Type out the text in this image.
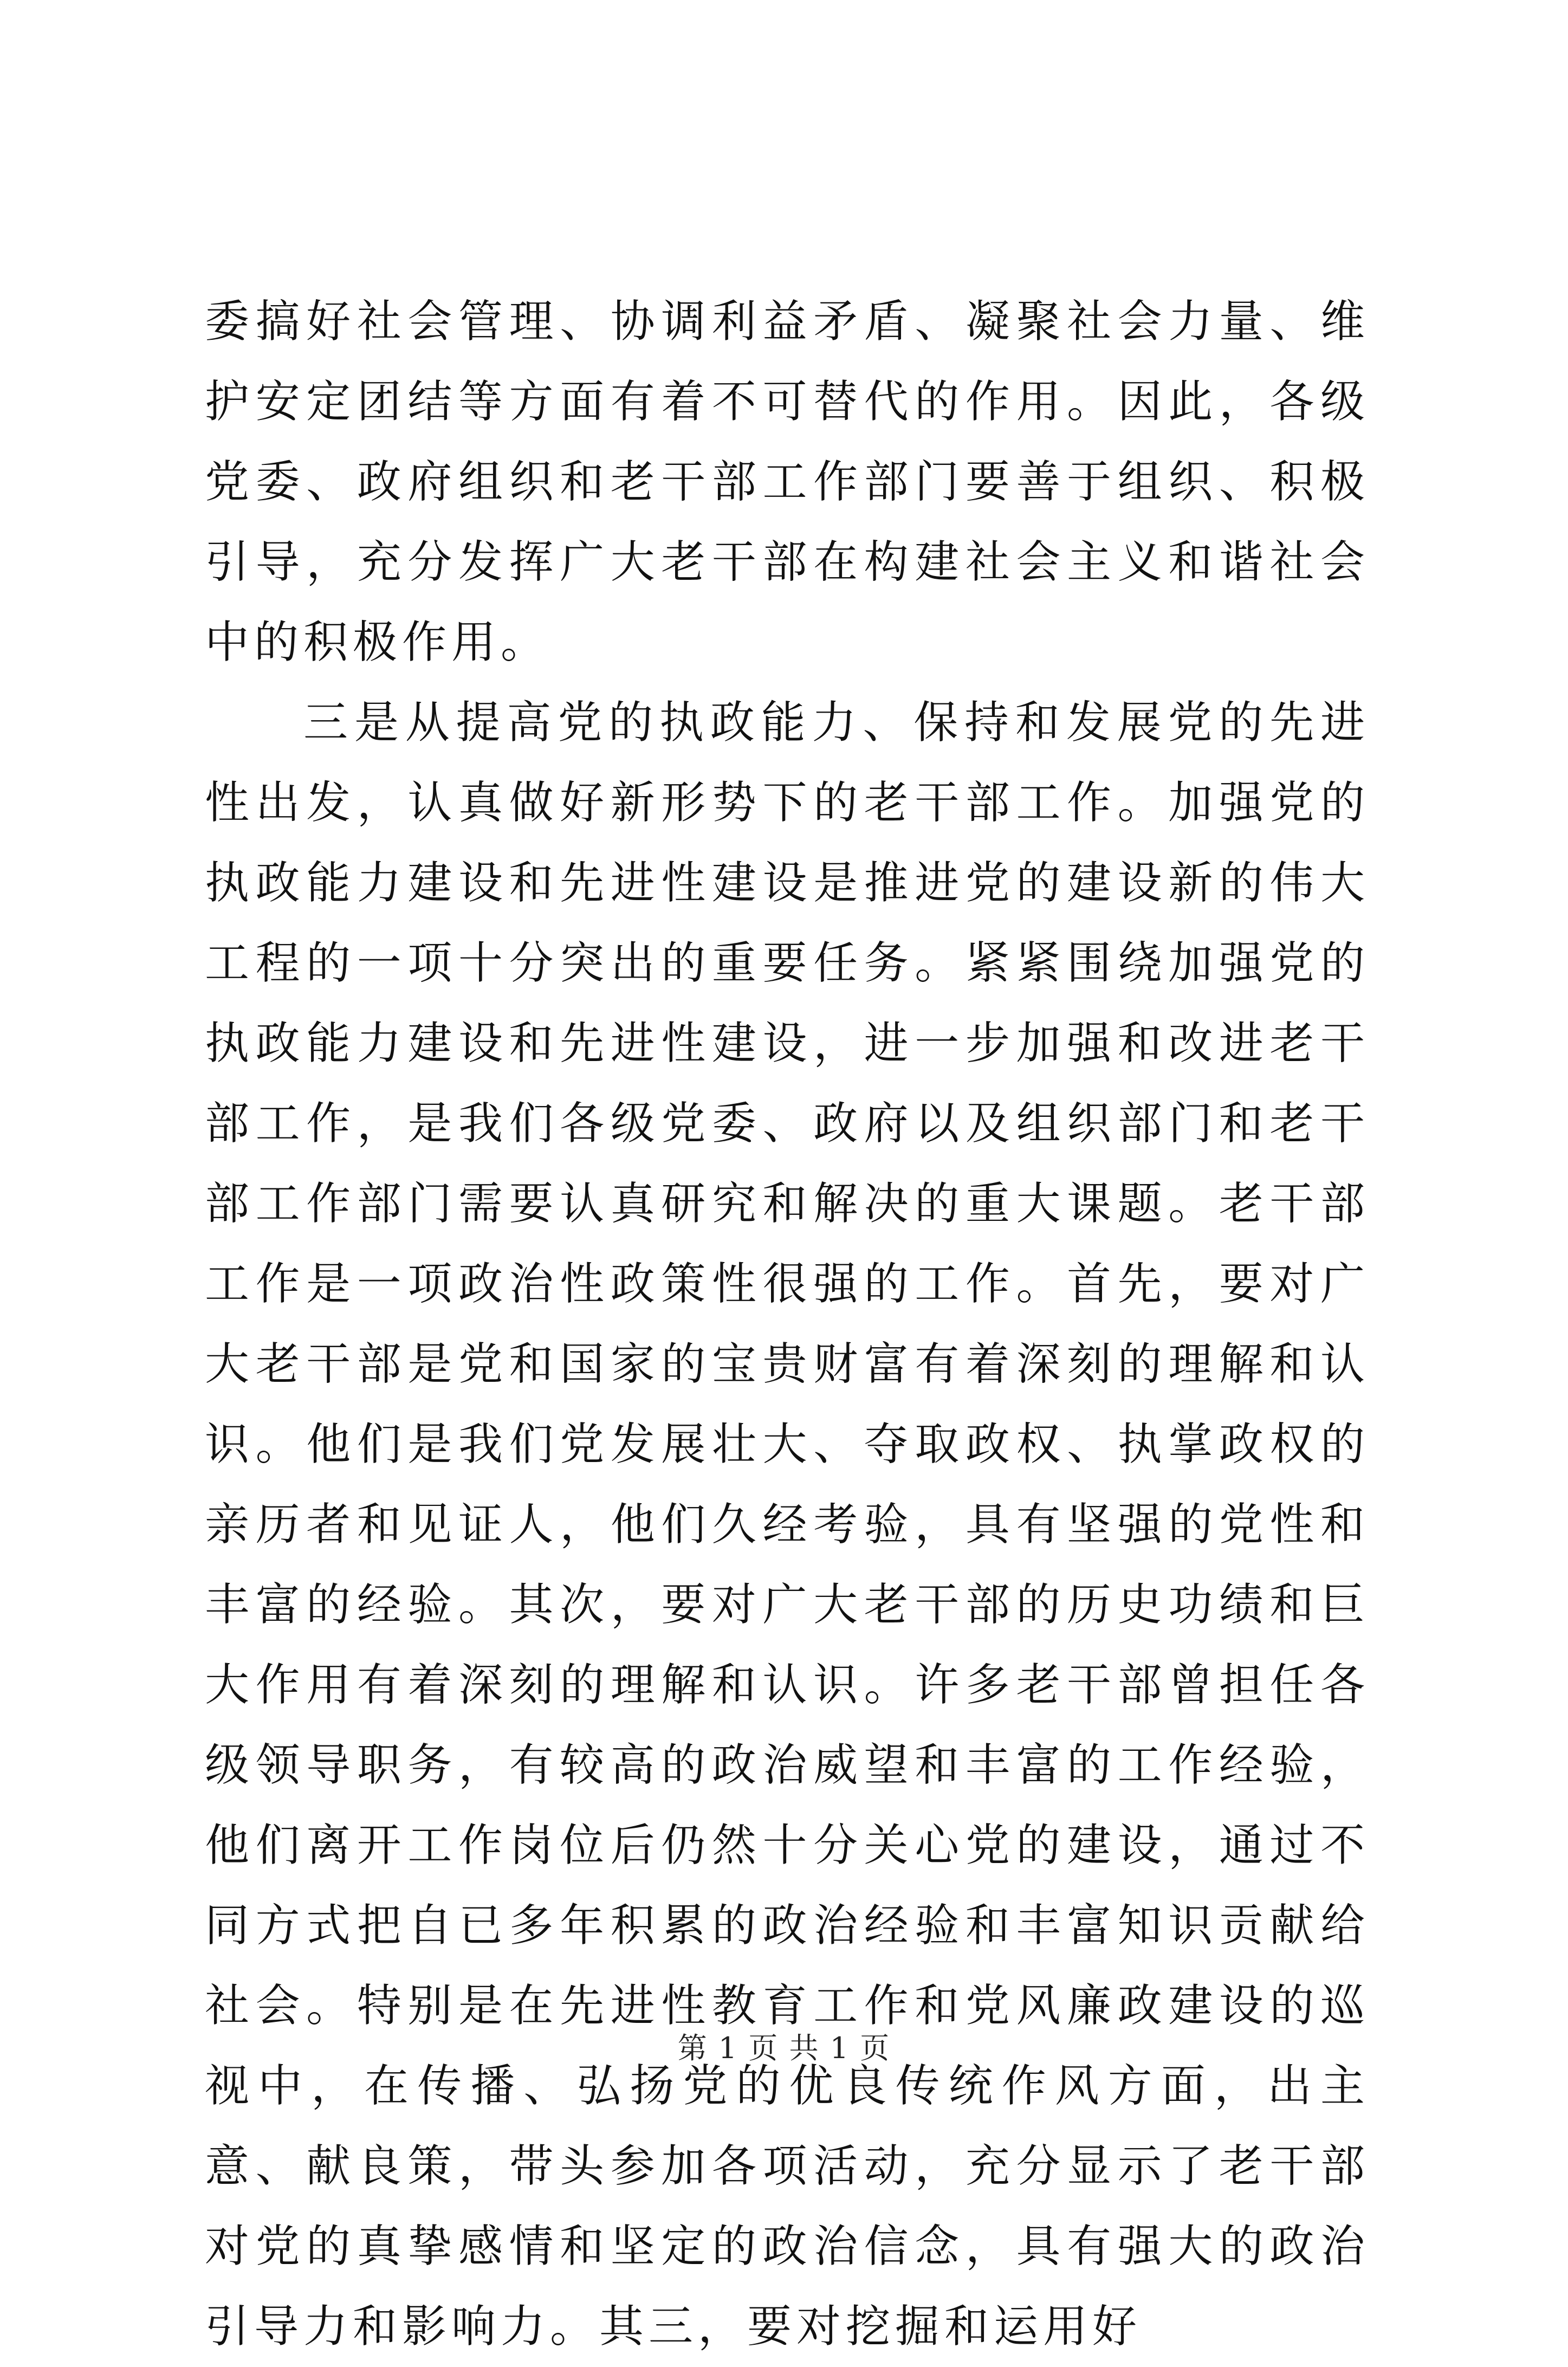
委搞好社会管理、协调利益矛盾、凝聚社会力量、维护安定团结等方面有着不可替代的作用。因此，各级党委、政府组织和老干部工作部门要善于组织、积极引导，充分发挥广大老干部在构建社会主义和谐社会中的积极作用。

三是从提高党的执政能力、保持和发展党的先进性出发，认真做好新形势下的老干部工作。加强党的执政能力建设和先进性建设是推进党的建设新的伟大工程的一项十分突出的重要任务。紧紧围绕加强党的执政能力建设和先进性建设，进一步加强和改进老干部工作，是我们各级党委、政府以及组织部门和老干部工作部门需要认真研究和解决的重大课题。老干部工作是一项政治性政策性很强的工作。首先，要对广大老干部是党和国家的宝贵财富有着深刻的理解和认识。他们是我们党发展壮大、夺取政权、执掌政权的亲历者和见证人，他们久经考验，具有坚强的党性和丰富的经验。其次，要对广大老干部的历史功绩和巨大作用有着深刻的理解和认识。许多老干部曾担任各级领导职务，有较高的政治威望和丰富的工作经验，他们离开工作岗位后仍然十分关心党的建设，通过不同方式把自已多年积累的政治经验和丰富知识贡献给社会。特别是在先进性教育工作和党风廉政建设的巡视中，在传播、弘扬党的优良传统作风方面，出主意、献良策，带头参加各项活动，充分显示了老干部对党的真挚感情和坚定的政治信念，具有强大的政治引导力和影响力。其三，要对挖掘和运用好

第 1 页 共 1 页
